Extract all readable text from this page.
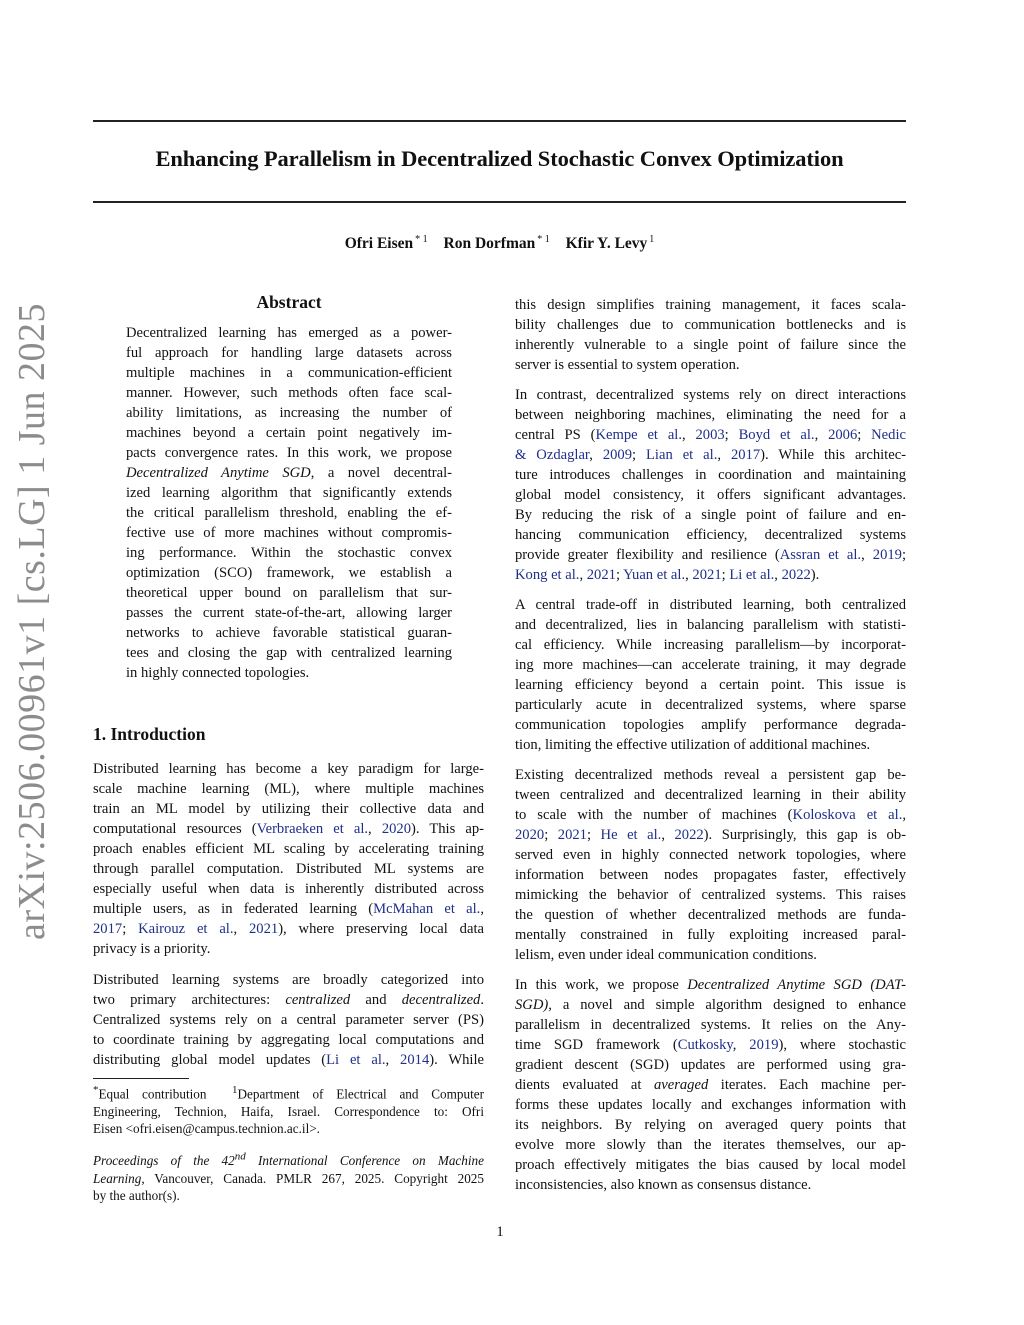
Enhancing Parallelism in Decentralized Stochastic Convex Optimization
Ofri Eisen $^{* 1}$ Ron Dorfman $^{* 1}$ Kfir Y. Levy $^1$
arXiv:2506.00961v1 [cs.LG] 1 Jun 2025
Abstract
Decentralized learning has emerged as a power-
ful approach for handling large datasets across
multiple machines in a communication-efficient
manner. However, such methods often face scal-
ability limitations, as increasing the number of
machines beyond a certain point negatively im-
pacts convergence rates. In this work, we propose
Decentralized Anytime SGD, a novel decentral-
ized learning algorithm that significantly extends
the critical parallelism threshold, enabling the ef-
fective use of more machines without compromis-
ing performance. Within the stochastic convex
optimization (SCO) framework, we establish a
theoretical upper bound on parallelism that sur-
passes the current state-of-the-art, allowing larger
networks to achieve favorable statistical guaran-
tees and closing the gap with centralized learning
in highly connected topologies.
1. Introduction
Distributed learning has become a key paradigm for large-
scale machine learning (ML), where multiple machines
train an ML model by utilizing their collective data and
computational resources (Verbraeken et al., 2020). This ap-
proach enables efficient ML scaling by accelerating training
through parallel computation. Distributed ML systems are
especially useful when data is inherently distributed across
multiple users, as in federated learning (McMahan et al.,
2017; Kairouz et al., 2021), where preserving local data
privacy is a priority.
Distributed learning systems are broadly categorized into
two primary architectures: centralized and decentralized.
Centralized systems rely on a central parameter server (PS)
to coordinate training by aggregating local computations and
distributing global model updates (Li et al., 2014). While
*Equal contribution  $^1$Department of Electrical and Computer
Engineering, Technion, Haifa, Israel. Correspondence to: Ofri
Eisen <ofri.eisen@campus.technion.ac.il>.
Proceedings of the 42nd International Conference on Machine
Learning, Vancouver, Canada. PMLR 267, 2025. Copyright 2025
by the author(s).
this design simplifies training management, it faces scala-
bility challenges due to communication bottlenecks and is
inherently vulnerable to a single point of failure since the
server is essential to system operation.
In contrast, decentralized systems rely on direct interactions
between neighboring machines, eliminating the need for a
central PS (Kempe et al., 2003; Boyd et al., 2006; Nedic
& Ozdaglar, 2009; Lian et al., 2017). While this architec-
ture introduces challenges in coordination and maintaining
global model consistency, it offers significant advantages.
By reducing the risk of a single point of failure and en-
hancing communication efficiency, decentralized systems
provide greater flexibility and resilience (Assran et al., 2019;
Kong et al., 2021; Yuan et al., 2021; Li et al., 2022).
A central trade-off in distributed learning, both centralized
and decentralized, lies in balancing parallelism with statisti-
cal efficiency. While increasing parallelism—by incorporat-
ing more machines—can accelerate training, it may degrade
learning efficiency beyond a certain point. This issue is
particularly acute in decentralized systems, where sparse
communication topologies amplify performance degrada-
tion, limiting the effective utilization of additional machines.
Existing decentralized methods reveal a persistent gap be-
tween centralized and decentralized learning in their ability
to scale with the number of machines (Koloskova et al.,
2020; 2021; He et al., 2022). Surprisingly, this gap is ob-
served even in highly connected network topologies, where
information between nodes propagates faster, effectively
mimicking the behavior of centralized systems. This raises
the question of whether decentralized methods are funda-
mentally constrained in fully exploiting increased paral-
lelism, even under ideal communication conditions.
In this work, we propose Decentralized Anytime SGD (DAT-
SGD), a novel and simple algorithm designed to enhance
parallelism in decentralized systems. It relies on the Any-
time SGD framework (Cutkosky, 2019), where stochastic
gradient descent (SGD) updates are performed using gra-
dients evaluated at averaged iterates. Each machine per-
forms these updates locally and exchanges information with
its neighbors. By relying on averaged query points that
evolve more slowly than the iterates themselves, our ap-
proach effectively mitigates the bias caused by local model
inconsistencies, also known as consensus distance.
1
